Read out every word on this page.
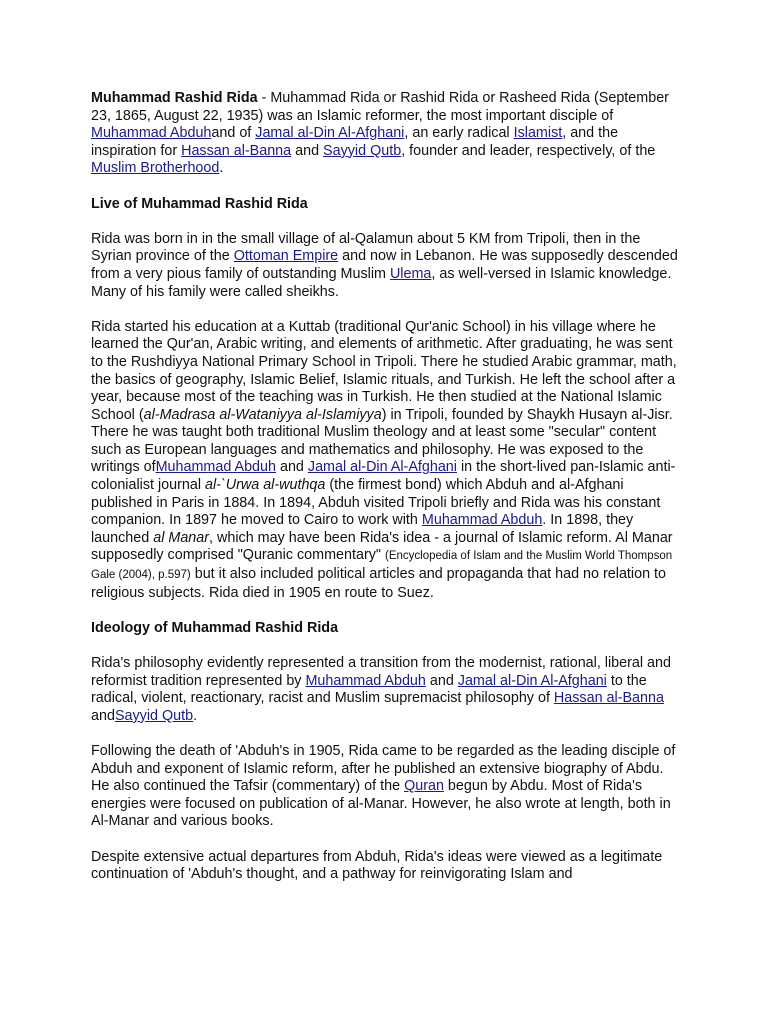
Muhammad Rashid Rida - Muhammad Rida or Rashid Rida or Rasheed Rida (September 23, 1865, August 22, 1935) was an Islamic reformer, the most important disciple of Muhammad Abduhand of Jamal al-Din Al-Afghani, an early radical Islamist, and the inspiration for Hassan al-Banna and Sayyid Qutb, founder and leader, respectively, of the Muslim Brotherhood.

Live of Muhammad Rashid Rida

Rida was born in in the small village of al-Qalamun about 5 KM from Tripoli, then in the Syrian province of the Ottoman Empire and now in Lebanon. He was supposedly descended from a very pious family of outstanding Muslim Ulema, as well-versed in Islamic knowledge. Many of his family were called sheikhs.

Rida started his education at a Kuttab (traditional Qur'anic School) in his village where he learned the Qur'an, Arabic writing, and elements of arithmetic. After graduating, he was sent to the Rushdiyya National Primary School in Tripoli. There he studied Arabic grammar, math, the basics of geography, Islamic Belief, Islamic rituals, and Turkish. He left the school after a year, because most of the teaching was in Turkish. He then studied at the National Islamic School (al-Madrasa al-Wataniyya al-Islamiyya) in Tripoli, founded by Shaykh Husayn al-Jisr. There he was taught both traditional Muslim theology and at least some "secular" content such as European languages and mathematics and philosophy. He was exposed to the writings ofMuhammad Abduh and Jamal al-Din Al-Afghani in the short-lived pan-Islamic anti-colonialist journal al-`Urwa al-wuthqa (the firmest bond) which Abduh and al-Afghani published in Paris in 1884. In 1894, Abduh visited Tripoli briefly and Rida was his constant companion. In 1897 he moved to Cairo to work with Muhammad Abduh. In 1898, they launched al Manar, which may have been Rida's idea - a journal of Islamic reform. Al Manar supposedly comprised "Quranic commentary" (Encyclopedia of Islam and the Muslim World Thompson Gale (2004), p.597) but it also included political articles and propaganda that had no relation to religious subjects. Rida died in 1905 en route to Suez.

Ideology of Muhammad Rashid Rida

Rida's philosophy evidently represented a transition from the modernist, rational, liberal and reformist tradition represented by Muhammad Abduh and Jamal al-Din Al-Afghani to the radical, violent, reactionary, racist and Muslim supremacist philosophy of Hassan al-Banna andSayyid Qutb.

Following the death of 'Abduh's in 1905, Rida came to be regarded as the leading disciple of Abduh and exponent of Islamic reform, after he published an extensive biography of Abdu. He also continued the Tafsir (commentary) of the Quran begun by Abdu. Most of Rida's energies were focused on publication of al-Manar. However, he also wrote at length, both in Al-Manar and various books.

Despite extensive actual departures from Abduh, Rida's ideas were viewed as a legitimate continuation of 'Abduh's thought, and a pathway for reinvigorating Islam and
